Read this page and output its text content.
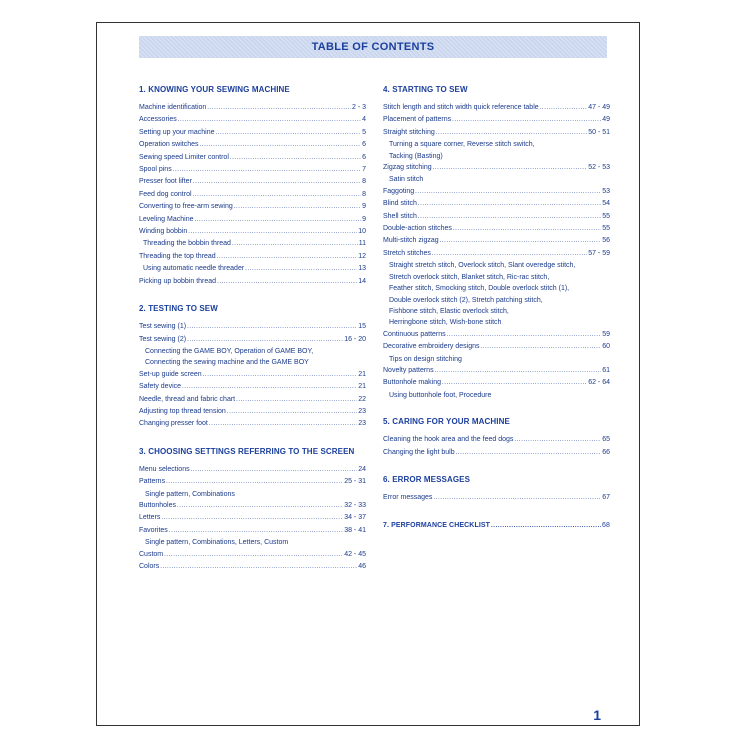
TABLE OF CONTENTS
1. KNOWING YOUR SEWING MACHINE
Machine identification .....	2 - 3
Accessories .....	4
Setting up your machine .....	5
Operation switches .....	6
Sewing speed Limiter control .....	6
Spool pins .....	7
Presser foot lifter .....	8
Feed dog control .....	8
Converting to free-arm sewing .....	9
Leveling Machine .....	9
Winding bobbin .....	10
Threading the bobbin thread .....	11
Threading the top thread .....	12
Using automatic needle threader .....	13
Picking up bobbin thread .....	14
2. TESTING TO SEW
Test sewing (1) .....	15
Test sewing (2) .....	16 - 20
Connecting the GAME BOY, Operation of GAME BOY,
Connecting the sewing machine and the GAME BOY
Set-up guide screen .....	21
Safety device .....	21
Needle, thread and fabric chart .....	22
Adjusting top thread tension .....	23
Changing presser foot .....	23
3. CHOOSING SETTINGS REFERRING TO THE SCREEN
Menu selections .....	24
Patterns .....	25 - 31
Single pattern, Combinations
Buttonholes .....	32 - 33
Letters .....	34 - 37
Favorites .....	38 - 41
Single pattern, Combinations, Letters, Custom
Custom .....	42 - 45
Colors .....	46
4. STARTING TO SEW
Stitch length and stitch width quick reference table .....	47 - 49
Placement of patterns .....	49
Straight stitching .....	50 - 51
Turning a square corner, Reverse stitch switch,
Tacking (Basting)
Zigzag stitching .....	52 - 53
Satin stitch
Faggoting .....	53
Blind stitch .....	54
Shell stitch .....	55
Double-action stitches .....	55
Multi-stitch zigzag .....	56
Stretch stitches .....	57 - 59
Straight stretch stitch, Overlock stitch, Slant overedge stitch,
Stretch overlock stitch, Blanket stitch, Ric-rac stitch,
Feather stitch, Smocking stitch, Double overlock stitch (1),
Double overlock stitch (2), Stretch patching stitch,
Fishbone stitch, Elastic overlock stitch,
Herringbone stitch, Wish-bone stitch
Continuous patterns .....	59
Decorative embroidery designs .....	60
Tips on design stitching
Novelty patterns .....	61
Buttonhole making .....	62 - 64
Using buttonhole foot, Procedure
5. CARING FOR YOUR MACHINE
Cleaning the hook area and the feed dogs .....	65
Changing the light bulb .....	66
6. ERROR MESSAGES
Error messages .....	67
7. PERFORMANCE CHECKLIST .....	68
1
